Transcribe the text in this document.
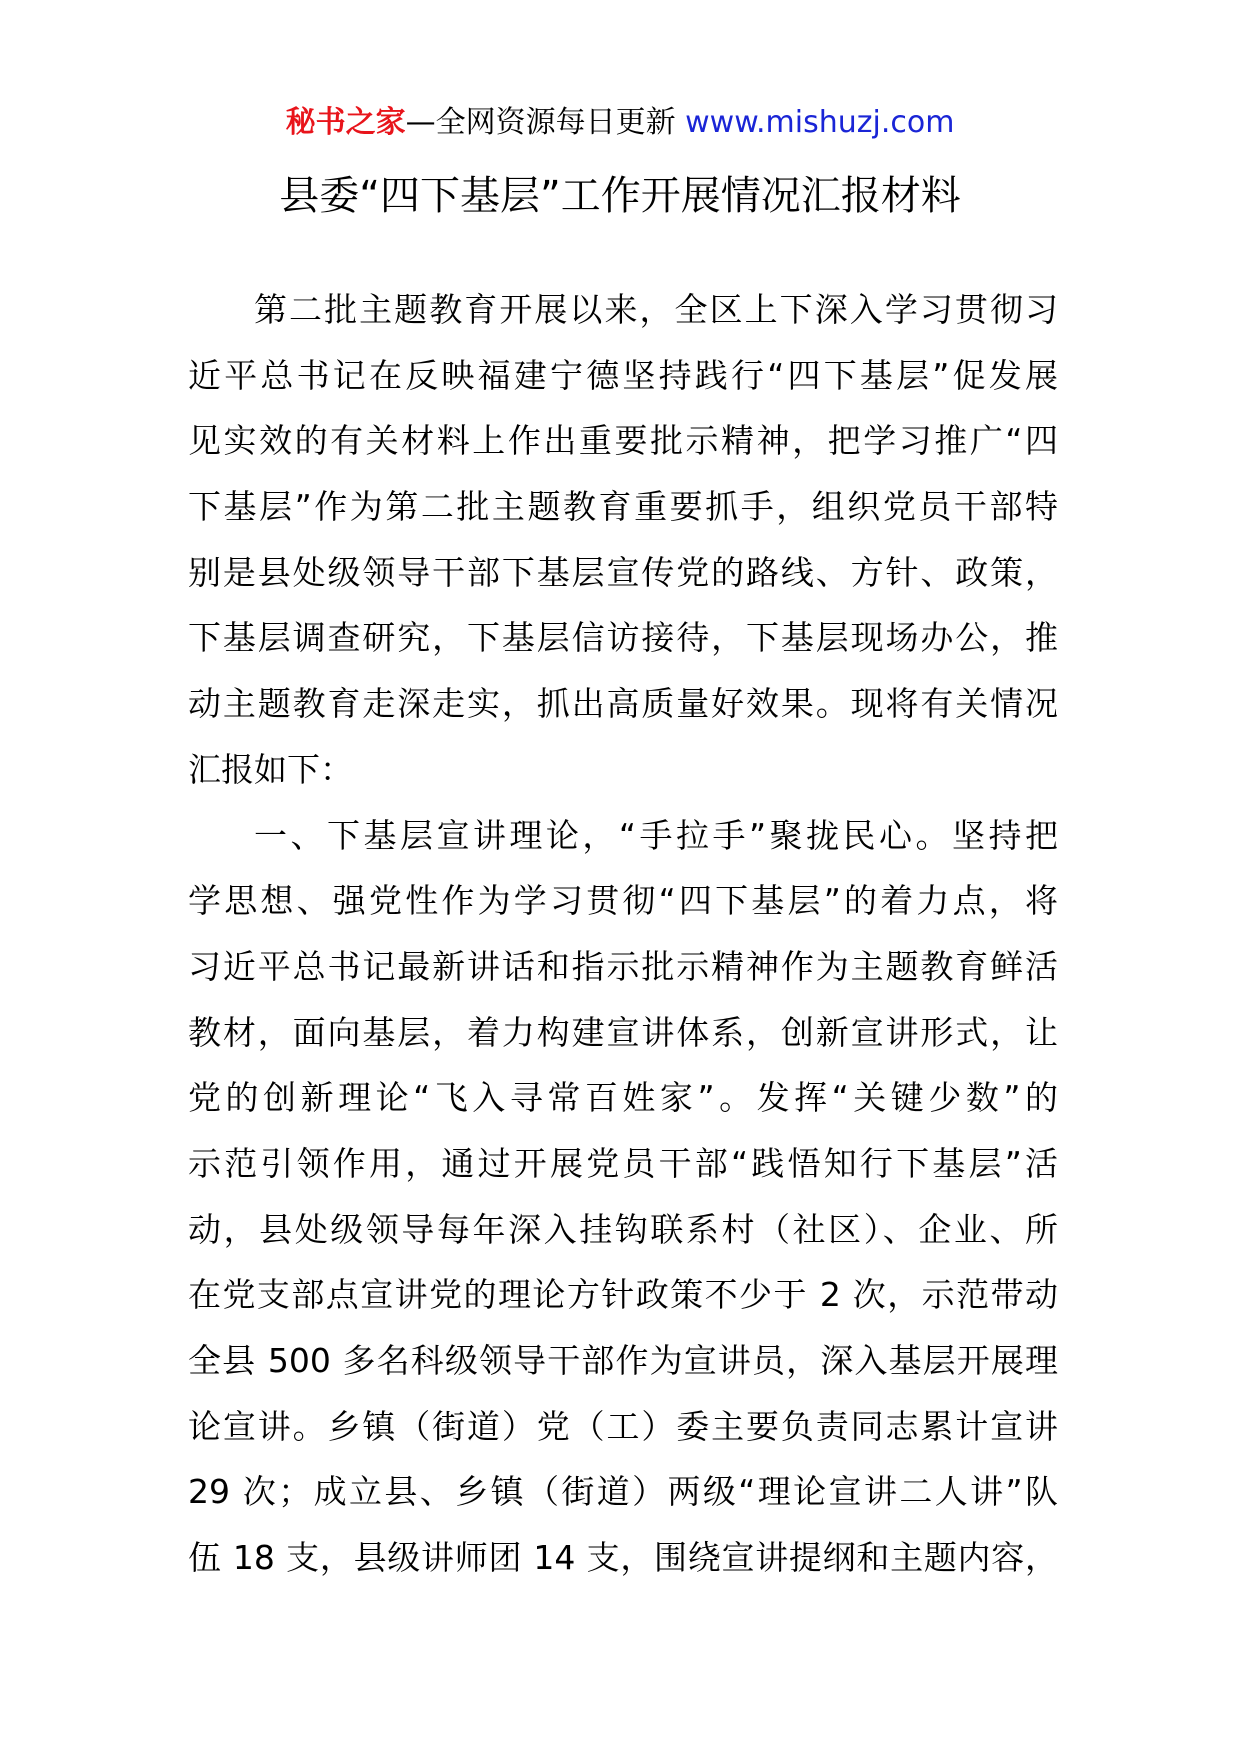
秘书之家—全网资源每日更新 www.mishuzj.com
县委“四下基层”工作开展情况汇报材料
第二批主题教育开展以来，全区上下深入学习贯彻习
近平总书记在反映福建宁德坚持践行“四下基层”促发展
见实效的有关材料上作出重要批示精神，把学习推广“四
下基层”作为第二批主题教育重要抓手，组织党员干部特
别是县处级领导干部下基层宣传党的路线、方针、政策，
下基层调查研究，下基层信访接待，下基层现场办公，推
动主题教育走深走实，抓出高质量好效果。现将有关情况
汇报如下：
一、下基层宣讲理论，“手拉手”聚拢民心。坚持把
学思想、强党性作为学习贯彻“四下基层”的着力点，将
习近平总书记最新讲话和指示批示精神作为主题教育鲜活
教材，面向基层，着力构建宣讲体系，创新宣讲形式，让
党的创新理论“飞入寻常百姓家”。发挥“关键少数”的
示范引领作用，通过开展党员干部“践悟知行下基层”活
动，县处级领导每年深入挂钩联系村（社区）、企业、所
在党支部点宣讲党的理论方针政策不少于 2 次，示范带动
全县 500 多名科级领导干部作为宣讲员，深入基层开展理
论宣讲。乡镇（街道）党（工）委主要负责同志累计宣讲
29 次；成立县、乡镇（街道）两级“理论宣讲二人讲”队
伍 18 支，县级讲师团 14 支，围绕宣讲提纲和主题内容，
